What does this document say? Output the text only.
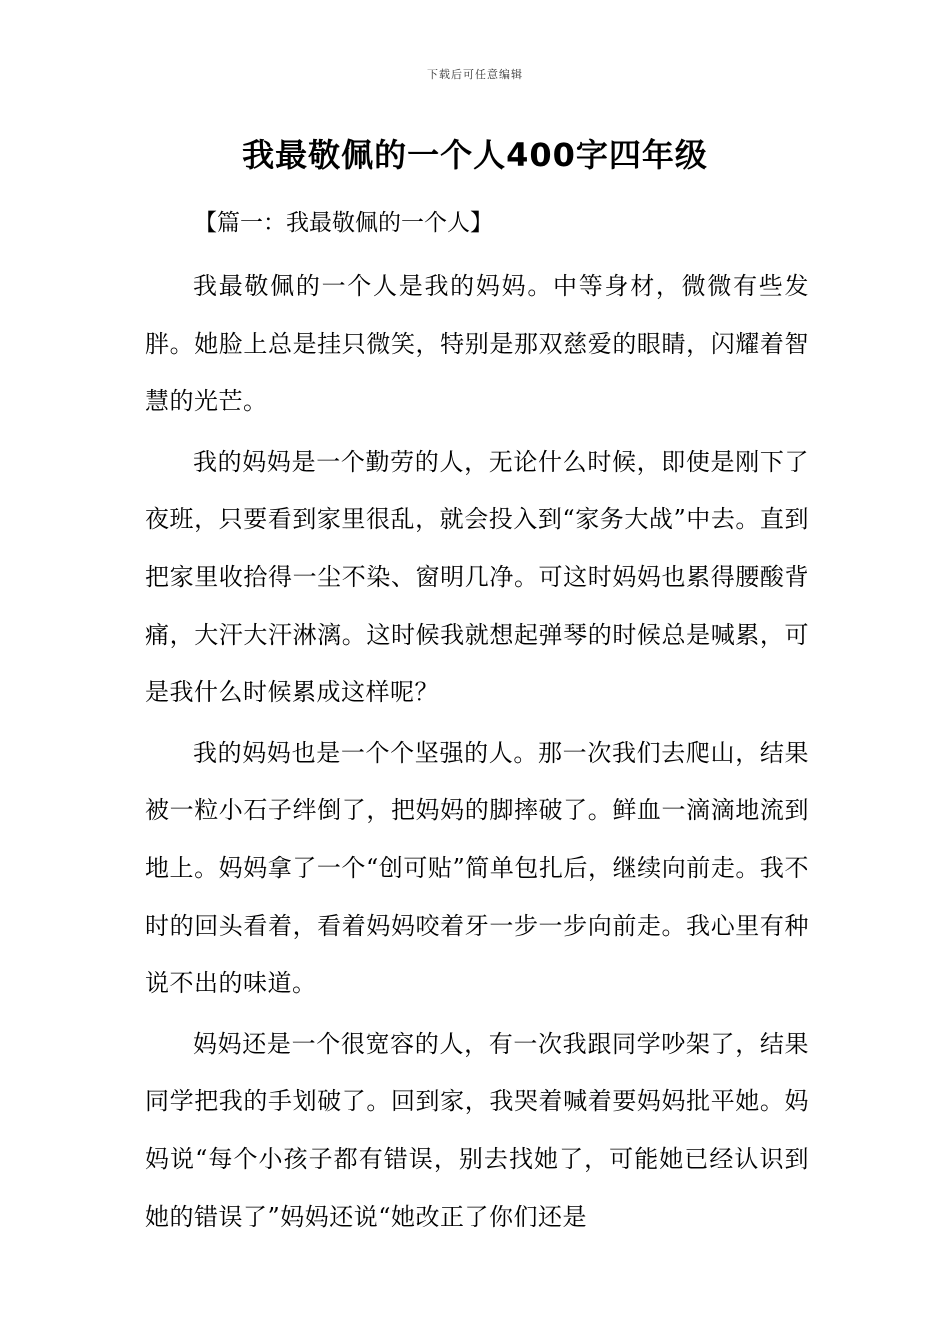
下载后可任意编辑
我最敬佩的一个人400字四年级

【篇一：我最敬佩的一个人】

我最敬佩的一个人是我的妈妈。中等身材，微微有些发胖。她脸上总是挂只微笑，特别是那双慈爱的眼睛，闪耀着智慧的光芒。

我的妈妈是一个勤劳的人，无论什么时候，即使是刚下了夜班，只要看到家里很乱，就会投入到“家务大战”中去。直到把家里收拾得一尘不染、窗明几净。可这时妈妈也累得腰酸背痛，大汗大汗淋漓。这时候我就想起弹琴的时候总是喊累，可是我什么时候累成这样呢？

我的妈妈也是一个个坚强的人。那一次我们去爬山，结果被一粒小石子绊倒了，把妈妈的脚摔破了。鲜血一滴滴地流到地上。妈妈拿了一个“创可贴”简单包扎后，继续向前走。我不时的回头看着，看着妈妈咬着牙一步一步向前走。我心里有种说不出的味道。

妈妈还是一个很宽容的人，有一次我跟同学吵架了，结果同学把我的手划破了。回到家，我哭着喊着要妈妈批平她。妈妈说“每个小孩子都有错误，别去找她了，可能她已经认识到她的错误了”妈妈还说“她改正了你们还是
